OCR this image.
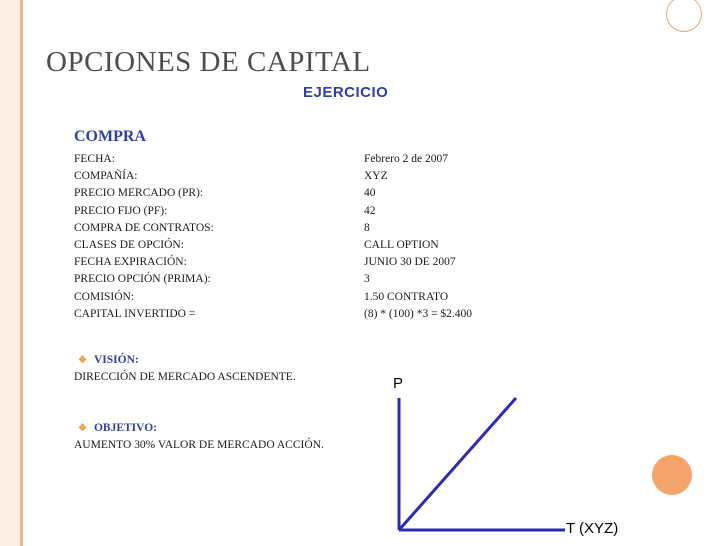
OPCIONES DE CAPITAL
EJERCICIO
COMPRA
FECHA:	Febrero 2 de 2007
COMPAÑÍA:	XYZ
PRECIO MERCADO (PR):	40
PRECIO FIJO (PF):	42
COMPRA DE CONTRATOS:	8
CLASES DE OPCIÓN:	CALL OPTION
FECHA EXPIRACIÓN:	JUNIO 30 DE 2007
PRECIO OPCIÓN (PRIMA):	3
COMISIÓN:	1.50 CONTRATO
CAPITAL INVERTIDO =	(8) * (100) *3 = $2.400
❖ VISIÓN:
DIRECCIÓN DE MERCADO ASCENDENTE.
❖ OBJETIVO:
AUMENTO 30% VALOR DE MERCADO ACCIÓN.
P
T (XYZ)
